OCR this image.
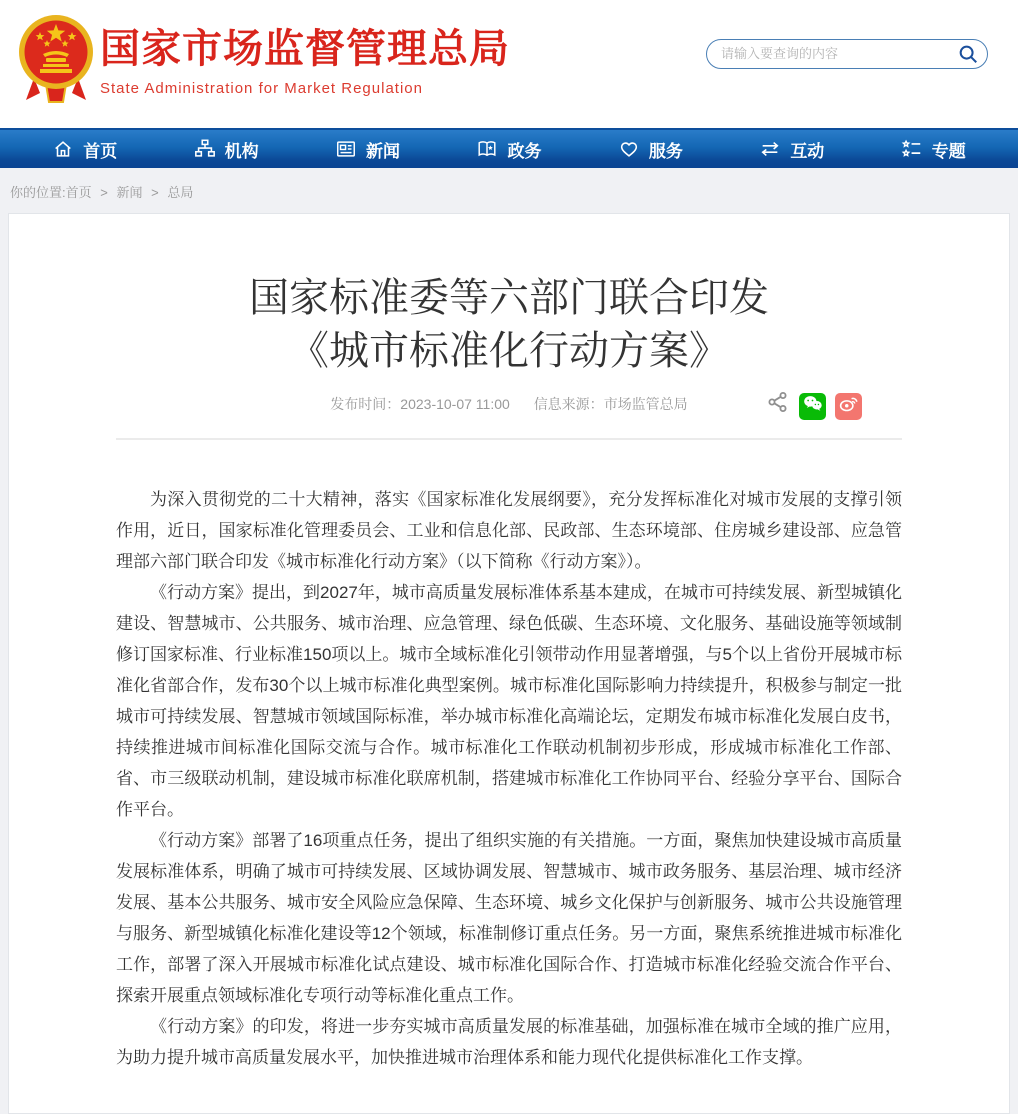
国家市场监督管理总局
State Administration for Market Regulation
请输入要查询的内容
首页	机构	新闻	政务	服务	互动	专题
你的位置:首页 > 新闻 > 总局
国家标准委等六部门联合印发
《城市标准化行动方案》
发布时间：2023-10-07 11:00 信息来源：市场监管总局

为深入贯彻党的二十大精神，落实《国家标准化发展纲要》，充分发挥标准化对城市发展的支撑引领作用，近日，国家标准化管理委员会、工业和信息化部、民政部、生态环境部、住房城乡建设部、应急管理部六部门联合印发《城市标准化行动方案》（以下简称《行动方案》）。

《行动方案》提出，到2027年，城市高质量发展标准体系基本建成，在城市可持续发展、新型城镇化建设、智慧城市、公共服务、城市治理、应急管理、绿色低碳、生态环境、文化服务、基础设施等领域制修订国家标准、行业标准150项以上。城市全域标准化引领带动作用显著增强，与5个以上省份开展城市标准化省部合作，发布30个以上城市标准化典型案例。城市标准化国际影响力持续提升，积极参与制定一批城市可持续发展、智慧城市领域国际标准，举办城市标准化高端论坛，定期发布城市标准化发展白皮书，持续推进城市间标准化国际交流与合作。城市标准化工作联动机制初步形成，形成城市标准化工作部、省、市三级联动机制，建设城市标准化联席机制，搭建城市标准化工作协同平台、经验分享平台、国际合作平台。

《行动方案》部署了16项重点任务，提出了组织实施的有关措施。一方面，聚焦加快建设城市高质量发展标准体系，明确了城市可持续发展、区域协调发展、智慧城市、城市政务服务、基层治理、城市经济发展、基本公共服务、城市安全风险应急保障、生态环境、城乡文化保护与创新服务、城市公共设施管理与服务、新型城镇化标准化建设等12个领域，标准制修订重点任务。另一方面，聚焦系统推进城市标准化工作，部署了深入开展城市标准化试点建设、城市标准化国际合作、打造城市标准化经验交流合作平台、探索开展重点领域标准化专项行动等标准化重点工作。

《行动方案》的印发，将进一步夯实城市高质量发展的标准基础，加强标准在城市全域的推广应用，为助力提升城市高质量发展水平，加快推进城市治理体系和能力现代化提供标准化工作支撑。
